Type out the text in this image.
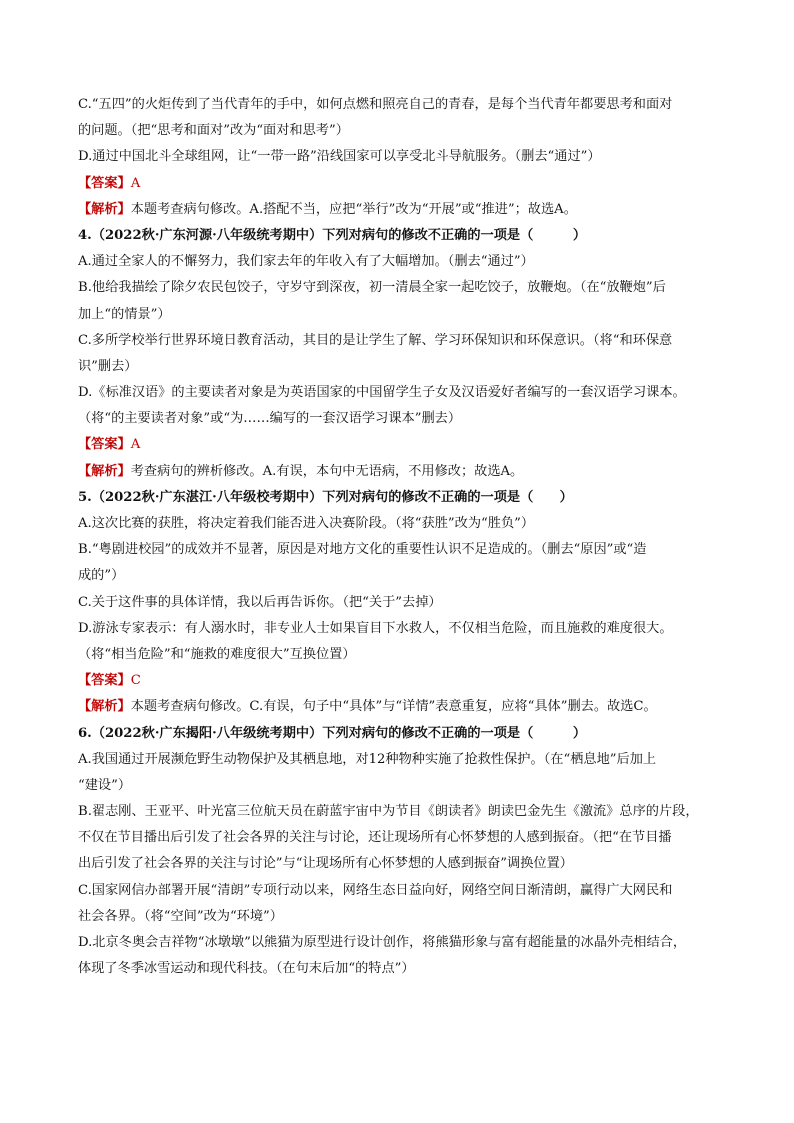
C.“五四”的火炬传到了当代青年的手中，如何点燃和照亮自己的青春，是每个当代青年都要思考和面对
的问题。（把“思考和面对”改为“面对和思考”）
D.通过中国北斗全球组网，让“一带一路”沿线国家可以享受北斗导航服务。（删去“通过”）
【答案】A
【解析】本题考查病句修改。A.搭配不当，应把“举行”改为“开展”或“推进”；故选A。
4.（2022秋·广东河源·八年级统考期中）下列对病句的修改不正确的一项是（　　　）
A.通过全家人的不懈努力，我们家去年的年收入有了大幅增加。（删去“通过”）
B.他给我描绘了除夕农民包饺子，守岁守到深夜，初一清晨全家一起吃饺子，放鞭炮。（在“放鞭炮”后
加上“的情景”）
C.多所学校举行世界环境日教育活动，其目的是让学生了解、学习环保知识和环保意识。（将“和环保意
识”删去）
D.《标准汉语》的主要读者对象是为英语国家的中国留学生子女及汉语爱好者编写的一套汉语学习课本。
（将“的主要读者对象”或“为……编写的一套汉语学习课本”删去）
【答案】A
【解析】考查病句的辨析修改。A.有误，本句中无语病，不用修改；故选A。
5.（2022秋·广东湛江·八年级校考期中）下列对病句的修改不正确的一项是（　　）
A.这次比赛的获胜，将决定着我们能否进入决赛阶段。（将“获胜”改为“胜负”）
B.“粤剧进校园”的成效并不显著，原因是对地方文化的重要性认识不足造成的。（删去“原因”或“造
成的”）
C.关于这件事的具体详情，我以后再告诉你。（把“关于”去掉）
D.游泳专家表示：有人溺水时，非专业人士如果盲目下水救人，不仅相当危险，而且施救的难度很大。
（将“相当危险”和“施救的难度很大”互换位置）
【答案】C
【解析】本题考查病句修改。C.有误，句子中“具体”与“详情”表意重复，应将“具体”删去。故选C。
6.（2022秋·广东揭阳·八年级统考期中）下列对病句的修改不正确的一项是（　　　）
A.我国通过开展濒危野生动物保护及其栖息地，对12种物种实施了抢救性保护。（在“栖息地”后加上
“建设”）
B.翟志刚、王亚平、叶光富三位航天员在蔚蓝宇宙中为节目《朗读者》朗读巴金先生《激流》总序的片段，
不仅在节目播出后引发了社会各界的关注与讨论，还让现场所有心怀梦想的人感到振奋。（把“在节目播
出后引发了社会各界的关注与讨论”与“让现场所有心怀梦想的人感到振奋”调换位置）
C.国家网信办部署开展“清朗”专项行动以来，网络生态日益向好，网络空间日渐清朗，赢得广大网民和
社会各界。（将“空间”改为“环境”）
D.北京冬奥会吉祥物“冰墩墩”以熊猫为原型进行设计创作，将熊猫形象与富有超能量的冰晶外壳相结合，
体现了冬季冰雪运动和现代科技。（在句末后加“的特点”）
